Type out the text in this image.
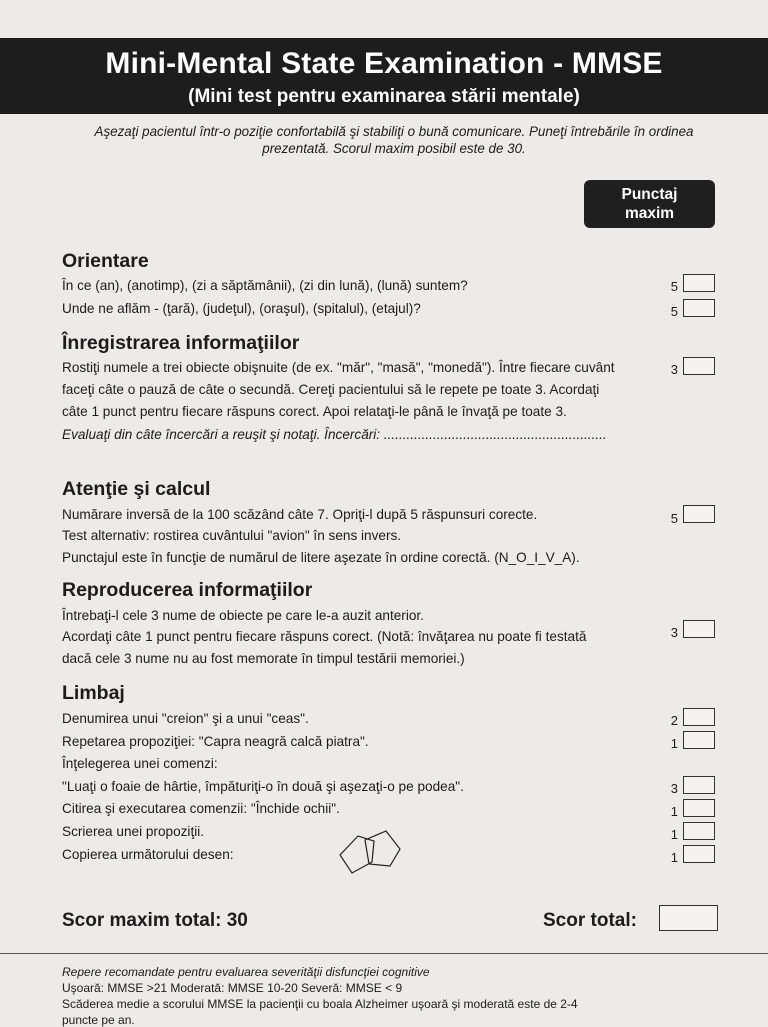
Mini-Mental State Examination - MMSE
(Mini test pentru examinarea stării mentale)
Aşezaţi pacientul într-o poziţie confortabilă şi stabiliţi o bună comunicare. Puneţi întrebările în ordinea
prezentată. Scorul maxim posibil este de 30.
Punctaj
maxim
Orientare
În ce (an), (anotimp), (zi a săptămânii), (zi din lună), (lună) suntem?
Unde ne aflăm - (ţară), (judeţul), (oraşul), (spitalul), (etajul)?
5
5
Înregistrarea informaţiilor
Rostiţi numele a trei obiecte obişnuite (de ex. "măr", "masă", "monedă"). Între fiecare cuvânt
faceţi câte o pauză de câte o secundă. Cereţi pacientului să le repete pe toate 3. Acordaţi
câte 1 punct pentru fiecare răspuns corect. Apoi relataţi-le până le învaţă pe toate 3.
Evaluaţi din câte încercări a reuşit şi notaţi. Încercări: ...........................................................
3
Atenţie şi calcul
Numărare inversă de la 100 scăzând câte 7. Opriţi-l după 5 răspunsuri corecte.
Test alternativ: rostirea cuvântului "avion" în sens invers.
Punctajul este în funcţie de numărul de litere aşezate în ordine corectă. (N_O_I_V_A).
5
Reproducerea informaţiilor
Întrebaţi-l cele 3 nume de obiecte pe care le-a auzit anterior.
Acordaţi câte 1 punct pentru fiecare răspuns corect. (Notă: învăţarea nu poate fi testată
dacă cele 3 nume nu au fost memorate în timpul testării memoriei.)
3
Limbaj
Denumirea unui "creion" şi a unui "ceas".
Repetarea propoziţiei: "Capra neagră calcă piatra".
Înţelegerea unei comenzi:
"Luaţi o foaie de hârtie, împăturiţi-o în două şi aşezaţi-o pe podea".
Citirea şi executarea comenzii: "Închide ochii".
Scrierea unei propoziţii.
Copierea următorului desen:
2
1
3
1
1
1
Scor maxim total: 30	Scor total:
Repere recomandate pentru evaluarea severităţii disfuncţiei cognitive
Uşoară: MMSE >21 Moderată: MMSE 10-20 Severă: MMSE < 9
Scăderea medie a scorului MMSE la pacienţii cu boala Alzheimer uşoară şi moderată este de 2-4
puncte pe an.
